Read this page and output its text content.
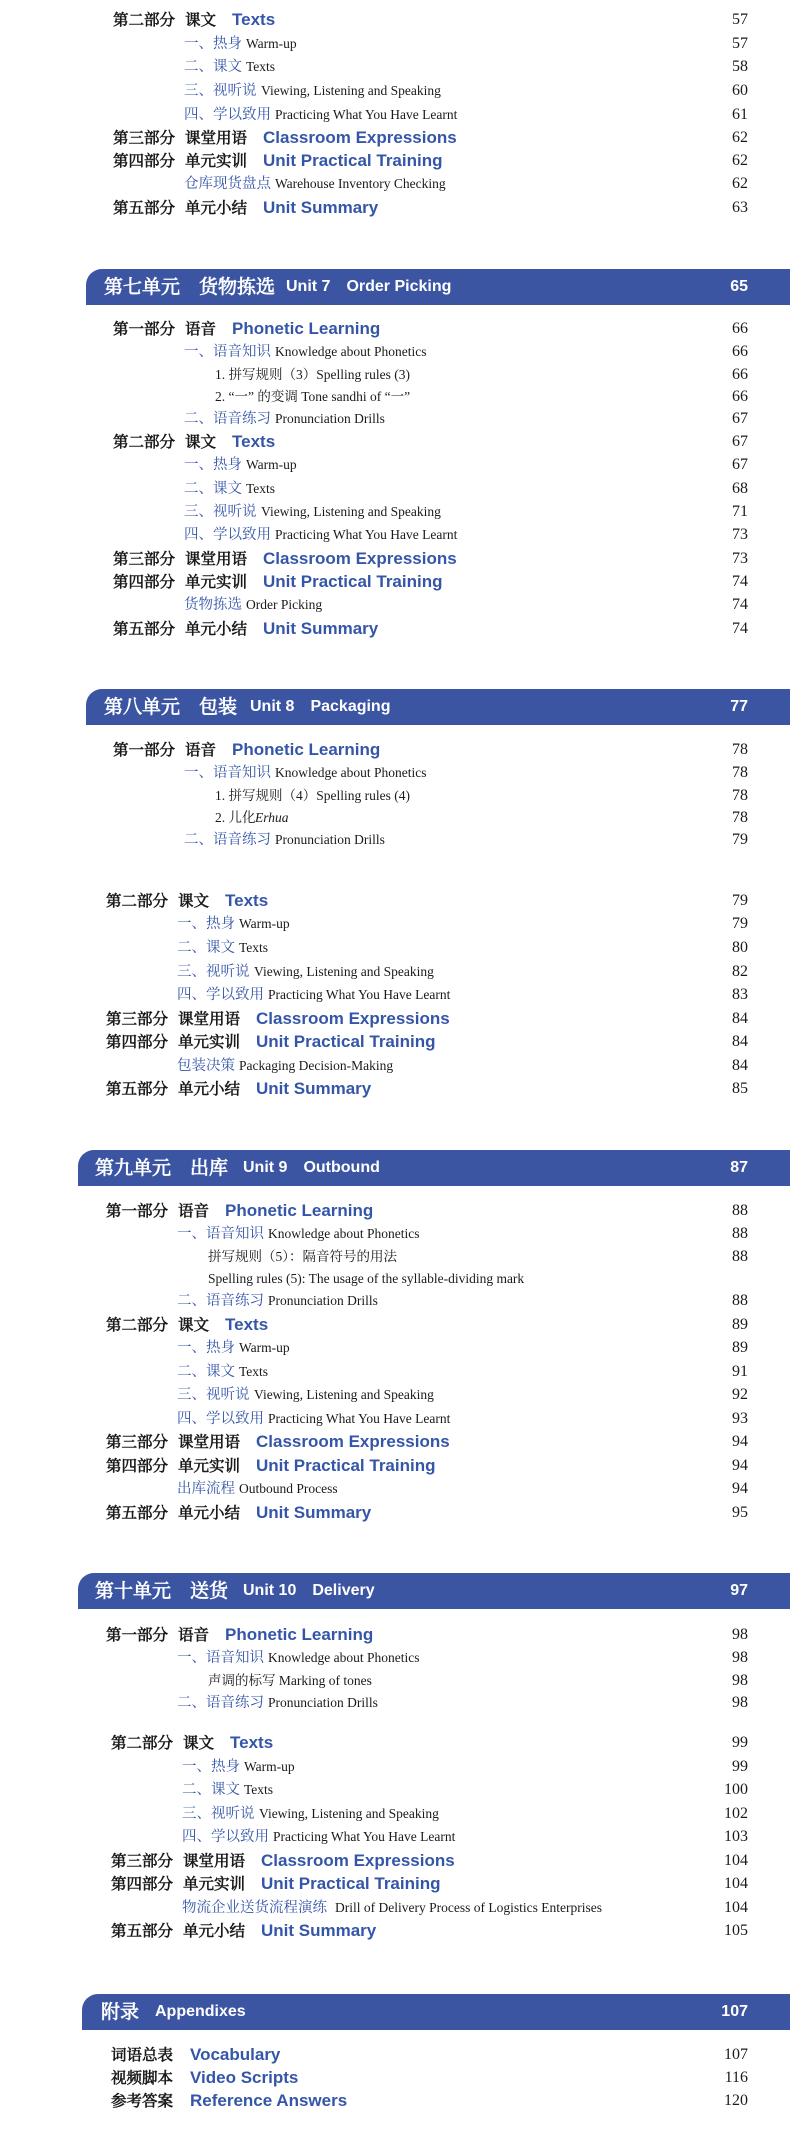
第二部分 课文 Texts	57
一、热身 Warm-up	57
二、课文 Texts	58
三、视听说 Viewing, Listening and Speaking	60
四、学以致用 Practicing What You Have Learnt	61
第三部分 课堂用语 Classroom Expressions	62
第四部分 单元实训 Unit Practical Training	62
仓库现货盘点 Warehouse Inventory Checking	62
第五部分 单元小结 Unit Summary	63
第七单元　货物拣选 Unit 7　Order Picking	65
第一部分 语音 Phonetic Learning	66
一、语音知识 Knowledge about Phonetics	66
1. 拼写规则（3）Spelling rules (3)	66
2. “一” 的变调 Tone sandhi of “一”	66
二、语音练习 Pronunciation Drills	67
第二部分 课文 Texts	67
一、热身 Warm-up	67
二、课文 Texts	68
三、视听说 Viewing, Listening and Speaking	71
四、学以致用 Practicing What You Have Learnt	73
第三部分 课堂用语 Classroom Expressions	73
第四部分 单元实训 Unit Practical Training	74
货物拣选 Order Picking	74
第五部分 单元小结 Unit Summary	74
第八单元　包装 Unit 8　Packaging	77
第一部分 语音 Phonetic Learning	78
一、语音知识 Knowledge about Phonetics	78
1. 拼写规则（4）Spelling rules (4)	78
2. 儿化 Erhua	78
二、语音练习 Pronunciation Drills	79
第二部分 课文 Texts	79
一、热身 Warm-up	79
二、课文 Texts	80
三、视听说 Viewing, Listening and Speaking	82
四、学以致用 Practicing What You Have Learnt	83
第三部分 课堂用语 Classroom Expressions	84
第四部分 单元实训 Unit Practical Training	84
包装决策 Packaging Decision-Making	84
第五部分 单元小结 Unit Summary	85
第九单元　出库 Unit 9　Outbound	87
第一部分 语音 Phonetic Learning	88
一、语音知识 Knowledge about Phonetics	88
拼写规则（5）：隔音符号的用法	88
Spelling rules (5): The usage of the syllable-dividing mark
二、语音练习 Pronunciation Drills	88
第二部分 课文 Texts	89
一、热身 Warm-up	89
二、课文 Texts	91
三、视听说 Viewing, Listening and Speaking	92
四、学以致用 Practicing What You Have Learnt	93
第三部分 课堂用语 Classroom Expressions	94
第四部分 单元实训 Unit Practical Training	94
出库流程 Outbound Process	94
第五部分 单元小结 Unit Summary	95
第十单元　送货 Unit 10　Delivery	97
第一部分 语音 Phonetic Learning	98
一、语音知识 Knowledge about Phonetics	98
声调的标写 Marking of tones	98
二、语音练习 Pronunciation Drills	98
第二部分 课文 Texts	99
一、热身 Warm-up	99
二、课文 Texts	100
三、视听说 Viewing, Listening and Speaking	102
四、学以致用 Practicing What You Have Learnt	103
第三部分 课堂用语 Classroom Expressions	104
第四部分 单元实训 Unit Practical Training	104
物流企业送货流程演练 Drill of Delivery Process of Logistics Enterprises	104
第五部分 单元小结 Unit Summary	105
附录 Appendixes	107
词语总表 Vocabulary	107
视频脚本 Video Scripts	116
参考答案 Reference Answers	120
